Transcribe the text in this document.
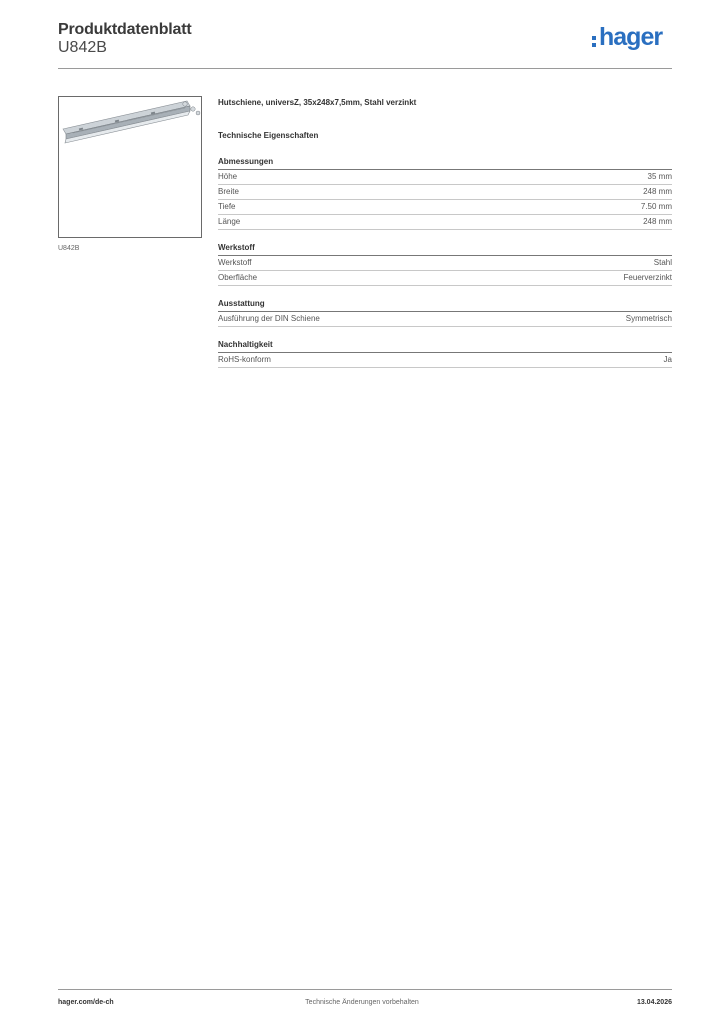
Produktdatenblatt
U842B	hager
U842B
Hutschiene, universZ, 35x248x7,5mm, Stahl verzinkt
Technische Eigenschaften
Abmessungen
Höhe	35 mm
Breite	248 mm
Tiefe	7.50 mm
Länge	248 mm
Werkstoff
Werkstoff	Stahl
Oberfläche	Feuerverzinkt
Ausstattung
Ausführung der DIN Schiene	Symmetrisch
Nachhaltigkeit
RoHS-konform	Ja
hager.com/de-ch	Technische Änderungen vorbehalten	13.04.2026
